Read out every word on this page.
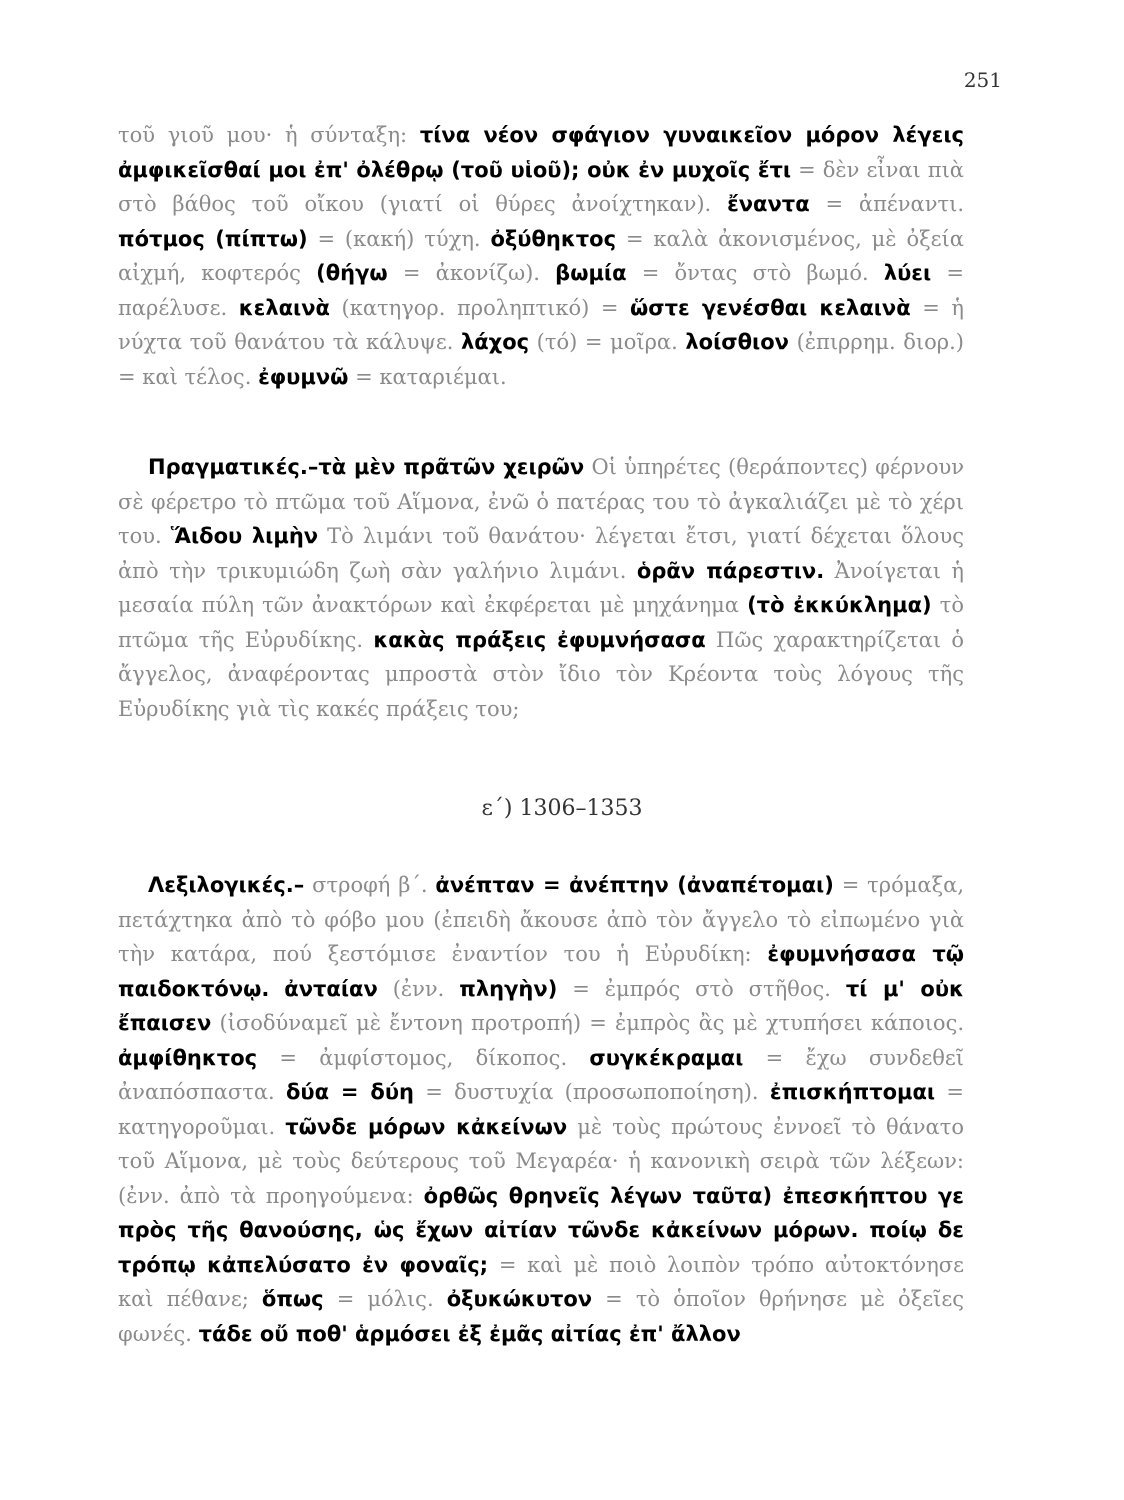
251

τοῦ γιοῦ μου· ἡ σύνταξη: τίνα νέον σφάγιον γυναικεῖον μόρον λέγεις ἀμφικεῖσθαί μοι ἐπ' ὀλέθρῳ (τοῦ υἱοῦ); οὐκ ἐν μυχοῖς ἔτι = δὲν εἶναι πιὰ στὸ βάθος τοῦ οἴκου (γιατί οἱ θύρες ἀνοίχτηκαν). ἔναντα = ἀπέναντι. πότμος (πίπτω) = (κακή) τύχη. ὀξύθηκτος = καλὰ ἀκονισμένος, μὲ ὀξεία αἰχμή, κοφτερός (θήγω = ἀκονίζω). βωμία = ὄντας στὸ βωμό. λύει = παρέλυσε. κελαινὰ (κατηγορ. προληπτικό) = ὥστε γενέσθαι κελαινὰ = ἡ νύχτα τοῦ θανάτου τὰ κάλυψε. λάχος (τό) = μοῖρα. λοίσθιον (ἐπιρρημ. διορ.) = καὶ τέλος. ἐφυμνῶ = καταριέμαι.

Πραγματικές.–τὰ μὲν πρᾶτῶν χειρῶν Οἱ ὑπηρέτες (θεράποντες) φέρνουν σὲ φέρετρο τὸ πτῶμα τοῦ Αἵμονα, ἐνῶ ὁ πατέρας του τὸ ἀγκαλιάζει μὲ τὸ χέρι του. Ἅιδου λιμὴν Τὸ λιμάνι τοῦ θανάτου· λέγεται ἔτσι, γιατί δέχεται ὅλους ἀπὸ τὴν τρικυμιώδη ζωὴ σὰν γαλήνιο λιμάνι. ὁρᾶν πάρεστιν. Ἀνοίγεται ἡ μεσαία πύλη τῶν ἀνακτόρων καὶ ἐκφέρεται μὲ μηχάνημα (τὸ ἐκκύκλημα) τὸ πτῶμα τῆς Εὐρυδίκης. κακὰς πράξεις ἐφυμνήσασα Πῶς χαρακτηρίζεται ὁ ἄγγελος, ἀναφέροντας μπροστὰ στὸν ἴδιο τὸν Κρέοντα τοὺς λόγους τῆς Εὐρυδίκης γιὰ τὶς κακές πράξεις του;

ε΄) 1306–1353

Λεξιλογικές.– στροφή β΄. ἀνέπταν = ἀνέπτην (ἀναπέτομαι) = τρόμαξα, πετάχτηκα ἀπὸ τὸ φόβο μου (ἐπειδὴ ἄκουσε ἀπὸ τὸν ἄγγελο τὸ εἰπωμένο γιὰ τὴν κατάρα, πού ξεστόμισε ἐναντίον του ἡ Εὐρυδίκη: ἐφυμνήσασα τῷ παιδοκτόνῳ. ἀνταίαν (ἐνν. πληγὴν) = ἐμπρός στὸ στῆθος. τί μ' οὐκ ἔπαισεν (ἰσοδύναμεῖ μὲ ἔντονη προτροπή) = ἐμπρὸς ἂς μὲ χτυπήσει κάποιος. ἀμφίθηκτος = ἀμφίστομος, δίκοπος. συγκέκραμαι = ἔχω συνδεθεῖ ἀναπόσπαστα. δύα = δύη = δυστυχία (προσωποποίηση). ἐπισκήπτομαι = κατηγοροῦμαι. τῶνδε μόρων κἀκείνων μὲ τοὺς πρώτους ἐννοεῖ τὸ θάνατο τοῦ Αἵμονα, μὲ τοὺς δεύτερους τοῦ Μεγαρέα· ἡ κανονικὴ σειρὰ τῶν λέξεων: (ἐνν. ἀπὸ τὰ προηγούμενα: ὀρθῶς θρηνεῖς λέγων ταῦτα) ἐπεσκήπτου γε πρὸς τῆς θανούσης, ὡς ἔχων αἰτίαν τῶνδε κἀκείνων μόρων. ποίῳ δε τρόπῳ κἀπελύσατο ἐν φοναῖς; = καὶ μὲ ποιὸ λοιπὸν τρόπο αὐτοκτόνησε καὶ πέθανε; ὅπως = μόλις. ὀξυκώκυτον = τὸ ὁποῖον θρήνησε μὲ ὀξεῖες φωνές. τάδε οὔ ποθ' ἁρμόσει ἐξ ἐμᾶς αἰτίας ἐπ' ἄλλον
